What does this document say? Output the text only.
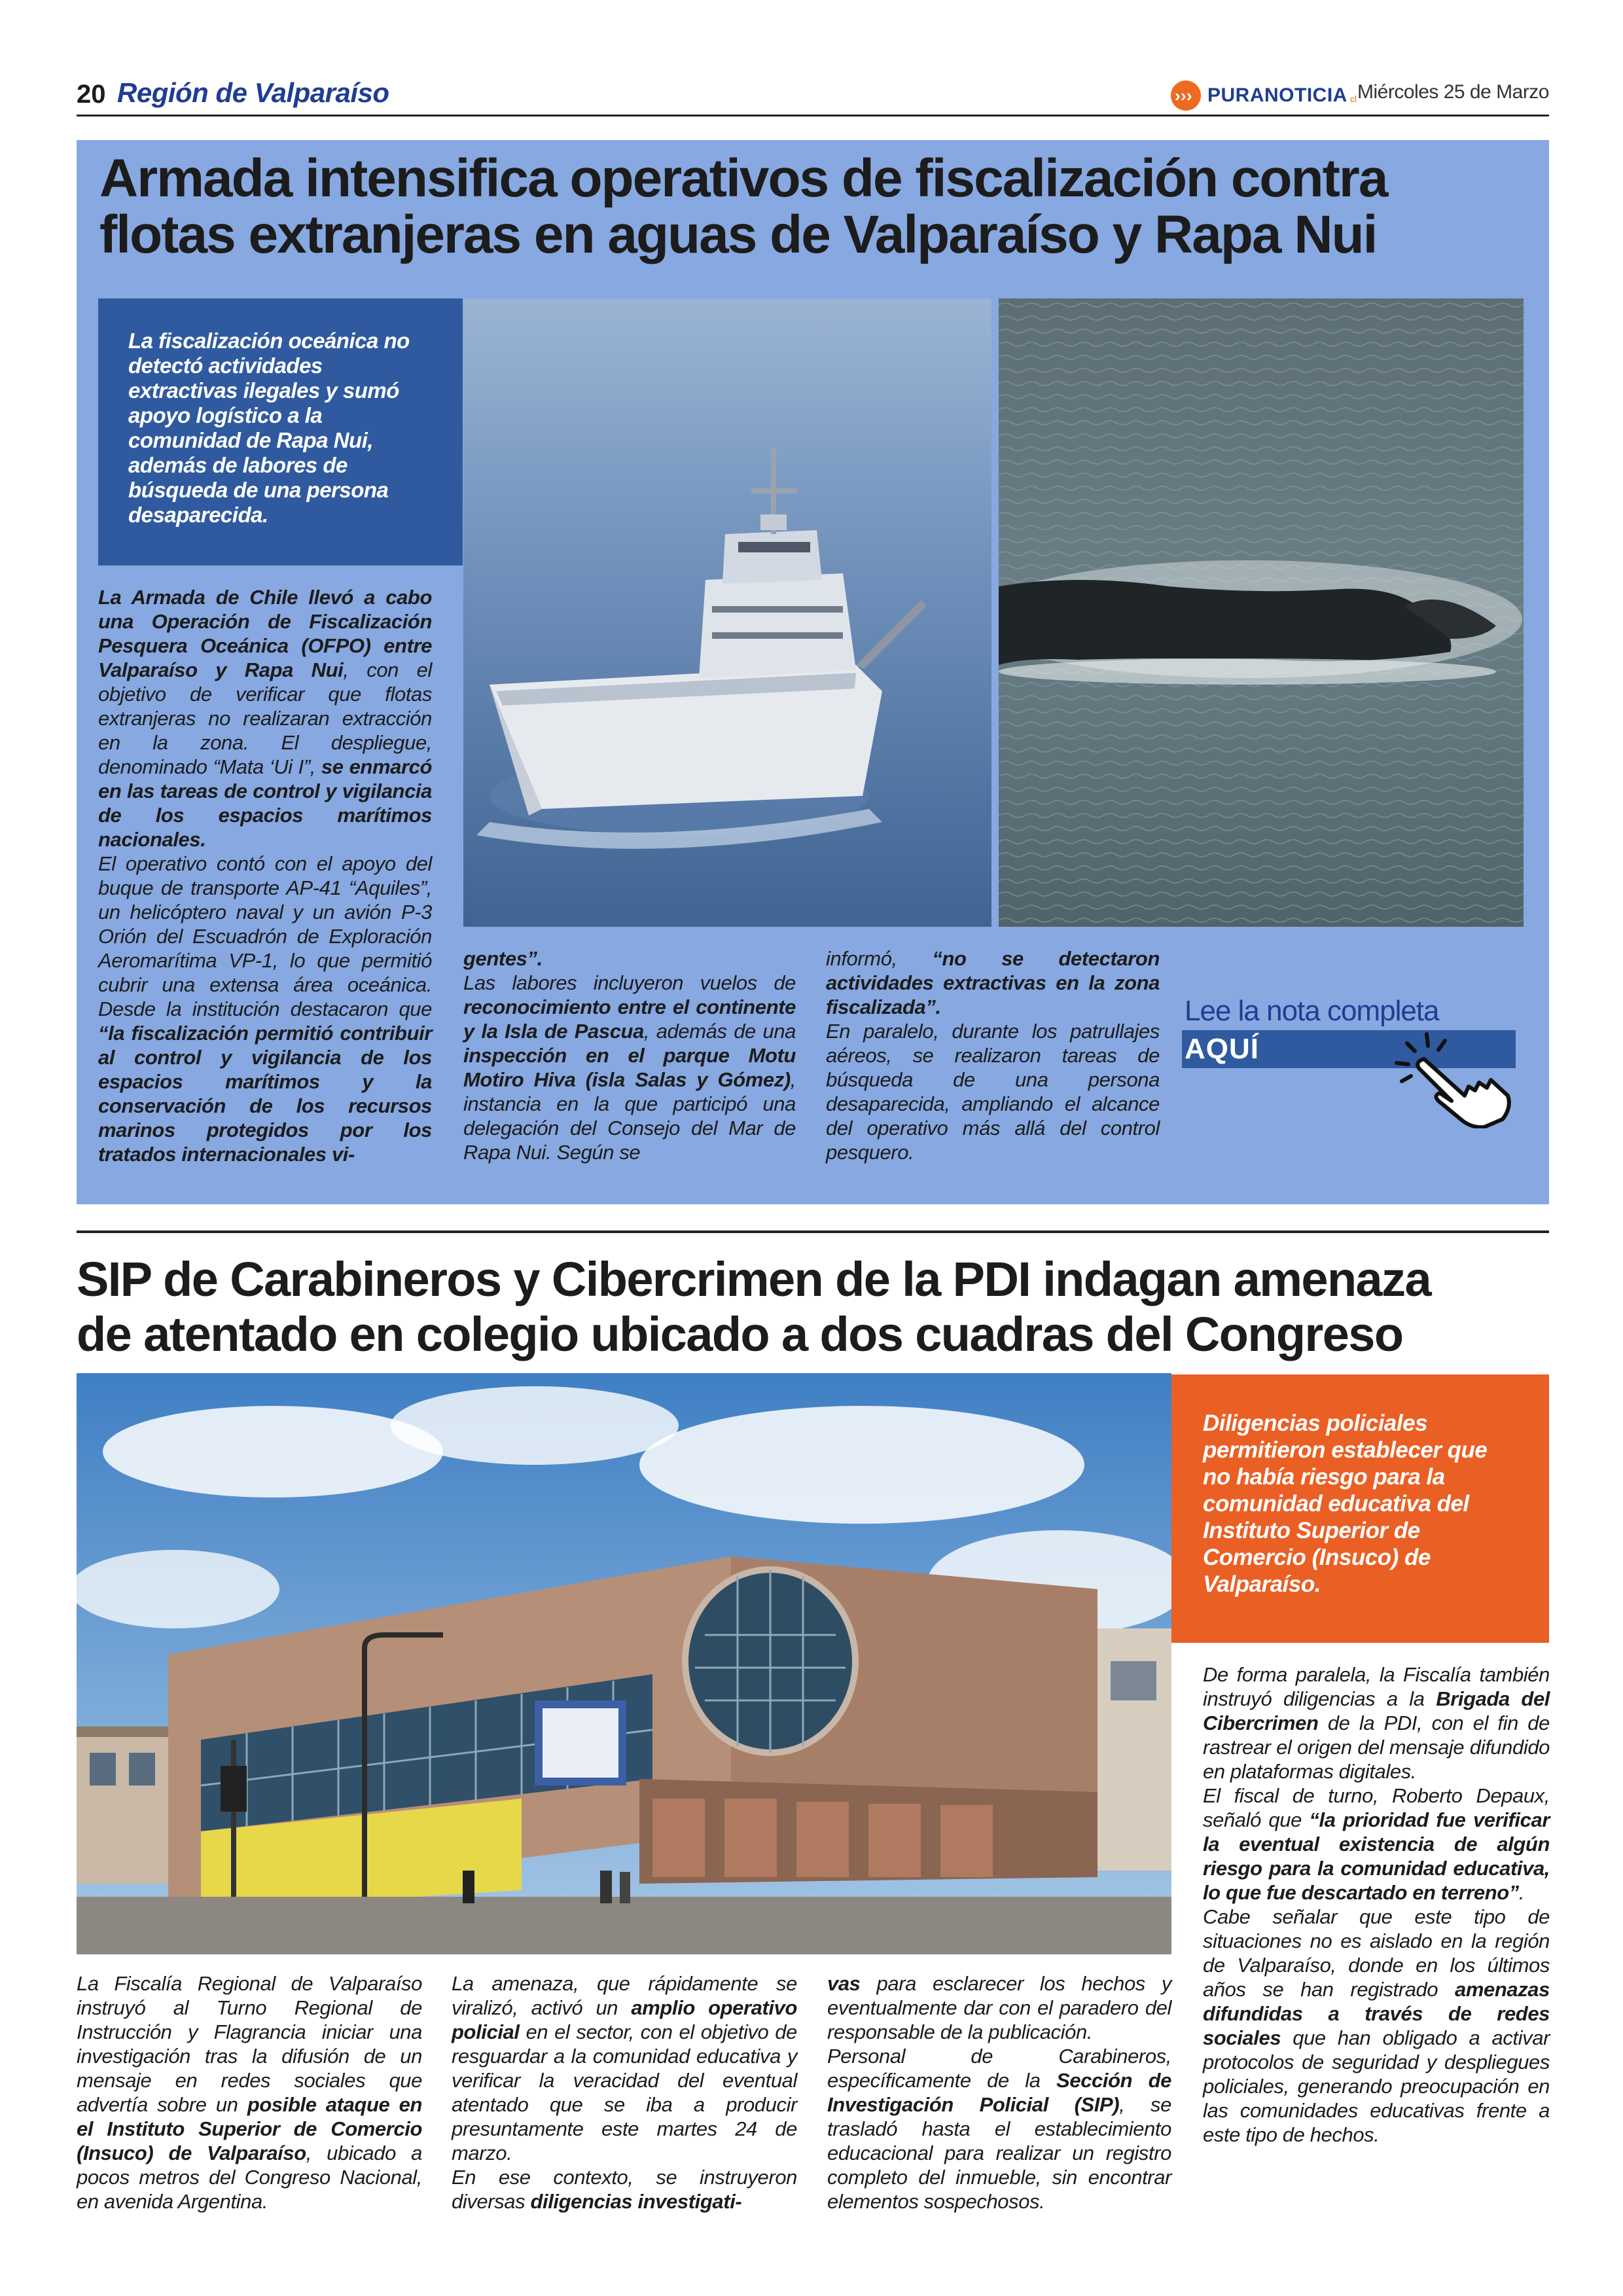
20 Región de Valparaíso	› › › PURANOTICIA cl Miércoles 25 de Marzo
Armada intensifica operativos de fiscalización contra
flotas extranjeras en aguas de Valparaíso y Rapa Nui
La fiscalización oceánica no detectó actividades extractivas ilegales y sumó apoyo logístico a la comunidad de Rapa Nui, además de labores de búsqueda de una persona desaparecida.
La Armada de Chile llevó a cabo una Operación de Fiscalización Pesquera Oceánica (OFPO) entre Valparaíso y Rapa Nui, con el objetivo de verificar que flotas extranjeras no realizaran extracción en la zona. El despliegue, denominado “Mata ‘Ui I”, se enmarcó en las tareas de control y vigilancia de los espacios marítimos nacionales.
El operativo contó con el apoyo del buque de transporte AP-41 “Aquiles”, un helicóptero naval y un avión P-3 Orión del Escuadrón de Exploración Aeromarítima VP-1, lo que permitió cubrir una extensa área oceánica. Desde la institución destacaron que “la fiscalización permitió contribuir al control y vigilancia de los espacios marítimos y la conservación de los recursos marinos protegidos por los tratados internacionales vi-
gentes”.
Las labores incluyeron vuelos de reconocimiento entre el continente y la Isla de Pascua, además de una inspección en el parque Motu Motiro Hiva (isla Salas y Gómez), instancia en la que participó una delegación del Consejo del Mar de Rapa Nui. Según se
informó, “no se detectaron actividades extractivas en la zona fiscalizada”.
En paralelo, durante los patrullajes aéreos, se realizaron tareas de búsqueda de una persona desaparecida, ampliando el alcance del operativo más allá del control pesquero.
Lee la nota completa
AQUÍ
SIP de Carabineros y Cibercrimen de la PDI indagan amenaza
de atentado en colegio ubicado a dos cuadras del Congreso
Diligencias policiales permitieron establecer que no había riesgo para la comunidad educativa del Instituto Superior de Comercio (Insuco) de Valparaíso.
La Fiscalía Regional de Valparaíso instruyó al Turno Regional de Instrucción y Flagrancia iniciar una investigación tras la difusión de un mensaje en redes sociales que advertía sobre un posible ataque en el Instituto Superior de Comercio (Insuco) de Valparaíso, ubicado a pocos metros del Congreso Nacional, en avenida Argentina.
La amenaza, que rápidamente se viralizó, activó un amplio operativo policial en el sector, con el objetivo de resguardar a la comunidad educativa y verificar la veracidad del eventual atentado que se iba a producir presuntamente este martes 24 de marzo.
En ese contexto, se instruyeron diversas diligencias investigati-
vas para esclarecer los hechos y eventualmente dar con el paradero del responsable de la publicación.
Personal de Carabineros, específicamente de la Sección de Investigación Policial (SIP), se trasladó hasta el establecimiento educacional para realizar un registro completo del inmueble, sin encontrar elementos sospechosos.
De forma paralela, la Fiscalía también instruyó diligencias a la Brigada del Cibercrimen de la PDI, con el fin de rastrear el origen del mensaje difundido en plataformas digitales.
El fiscal de turno, Roberto Depaux, señaló que “la prioridad fue verificar la eventual existencia de algún riesgo para la comunidad educativa, lo que fue descartado en terreno”.
Cabe señalar que este tipo de situaciones no es aislado en la región de Valparaíso, donde en los últimos años se han registrado amenazas difundidas a través de redes sociales que han obligado a activar protocolos de seguridad y despliegues policiales, generando preocupación en las comunidades educativas frente a este tipo de hechos.
